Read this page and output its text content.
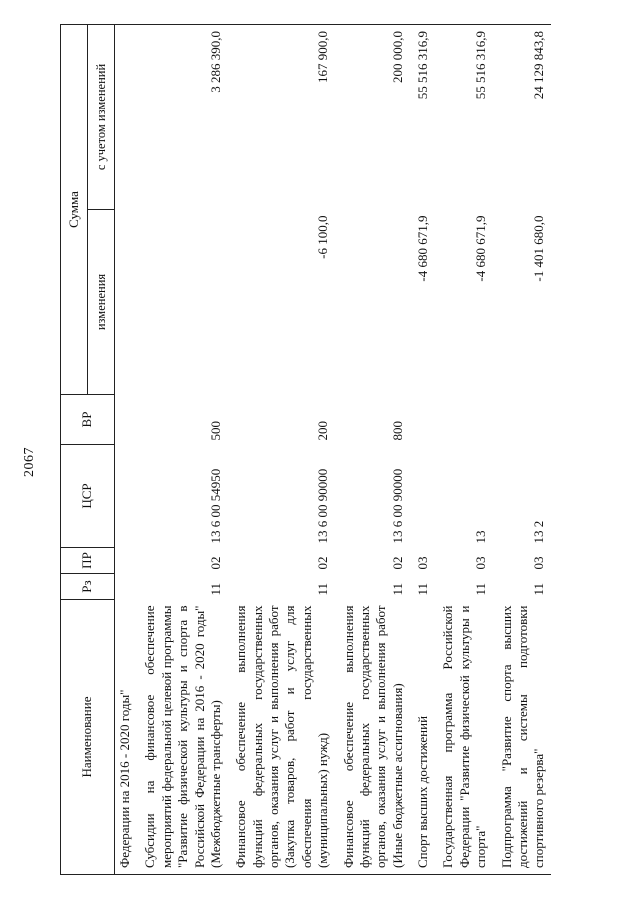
2067
Наименование	Рз	ПР	ЦСР	ВР	Сумма	
					изменения	с учетом изменений
Федерации на 2016 - 2020 годы"						
Субсидии на финансовое обеспечение мероприятий федеральной целевой программы "Развитие физической культуры и спорта в Российской Федерации на 2016 - 2020 годы" (Межбюджетные трансферты)	11	02	13 6 00 54950	500		3 286 390,0
Финансовое обеспечение выполнения функций федеральных государственных органов, оказания услуг и выполнения работ (Закупка товаров, работ и услуг для обеспечения государственных (муниципальных) нужд)	11	02	13 6 00 90000	200	-6 100,0	167 900,0
Финансовое обеспечение выполнения функций федеральных государственных органов, оказания услуг и выполнения работ (Иные бюджетные ассигнования)	11	02	13 6 00 90000	800		200 000,0
Спорт высших достижений	11	03			-4 680 671,9	55 516 316,9
Государственная программа Российской Федерации "Развитие физической культуры и спорта"	11	03	13		-4 680 671,9	55 516 316,9
Подпрограмма "Развитие спорта высших достижений и системы подготовки спортивного резерва"	11	03	13 2		-1 401 680,0	24 129 843,8
